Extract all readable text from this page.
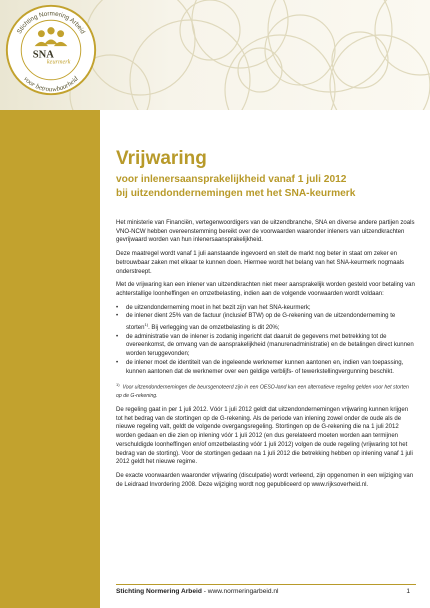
Stichting Normering Arbeid
voor betrouwbaarheid
SNA
keurmerk
Vrijwaring

voor inlenersaansprakelijkheid vanaf 1 juli 2012

bij uitzendondernemingen met het SNA-keurmerk

Het ministerie van Financiën, vertegenwoordigers van de uitzendbranche, SNA en diverse andere partijen zoals VNO-NCW hebben overeenstemming bereikt over de voorwaarden waaronder inleners van uitzendkrachten gevrijwaard worden van hun inlenersaansprakelijkheid.

Deze maatregel wordt vanaf 1 juli aanstaande ingevoerd en stelt de markt nog beter in staat om zeker en betrouwbaar zaken met elkaar te kunnen doen. Hiermee wordt het belang van het SNA-keurmerk nogmaals onderstreept.

Met de vrijwaring kan een inlener van uitzendkrachten niet meer aansprakelijk worden gesteld voor betaling van achterstallige loonheffingen en omzetbelasting, indien aan de volgende voorwaarden wordt voldaan:

• de uitzendonderneming moet in het bezit zijn van het SNA-keurmerk;
• de inlener dient 25% van de factuur (inclusief BTW) op de G-rekening van de uitzendonderneming te storten$^{1)}$. Bij verlegging van de omzetbelasting is dit 20%;
• de administratie van de inlener is zodanig ingericht dat daaruit de gegevens met betrekking tot de overeenkomst, de omvang van de aansprakelijkheid (manurenadministratie) en de betalingen direct kunnen worden teruggevonden;
• de inlener moet de identiteit van de ingeleende werknemer kunnen aantonen en, indien van toepassing, kunnen aantonen dat de werknemer over een geldige verblijfs- of tewerkstellingvergunning beschikt.

$^{1)}$  Voor uitzendondernemingen die beursgenoteerd zijn in een OESO-land kan een alternatieve regeling gelden voor het storten op de G-rekening.

De regeling gaat in per 1 juli 2012. Vóór 1 juli 2012 geldt dat uitzendondernemingen vrijwaring kunnen krijgen tot het bedrag van de stortingen op de G-rekening. Als de periode van inlening zowel onder de oude als de nieuwe regeling valt, geldt de volgende overgangsregeling. Stortingen op de G-rekening die na 1 juli 2012 worden gedaan en die zien op inlening vóór 1 juli 2012 (en dus gerelateerd moeten worden aan termijnen verschuldigde loonheffingen en/of omzetbelasting vóór 1 juli 2012) volgen de oude regeling (vrijwaring tot het bedrag van de storting). Voor de stortingen gedaan na 1 juli 2012 die betrekking hebben op inlening vanaf 1 juli 2012 geldt het nieuwe regime.

De exacte voorwaarden waaronder vrijwaring (disculpatie) wordt verleend, zijn opgenomen in een wijziging van de Leidraad Invordering 2008. Deze wijziging wordt nog gepubliceerd op www.rijksoverheid.nl.

Stichting Normering Arbeid - www.normeringarbeid.nl	1
